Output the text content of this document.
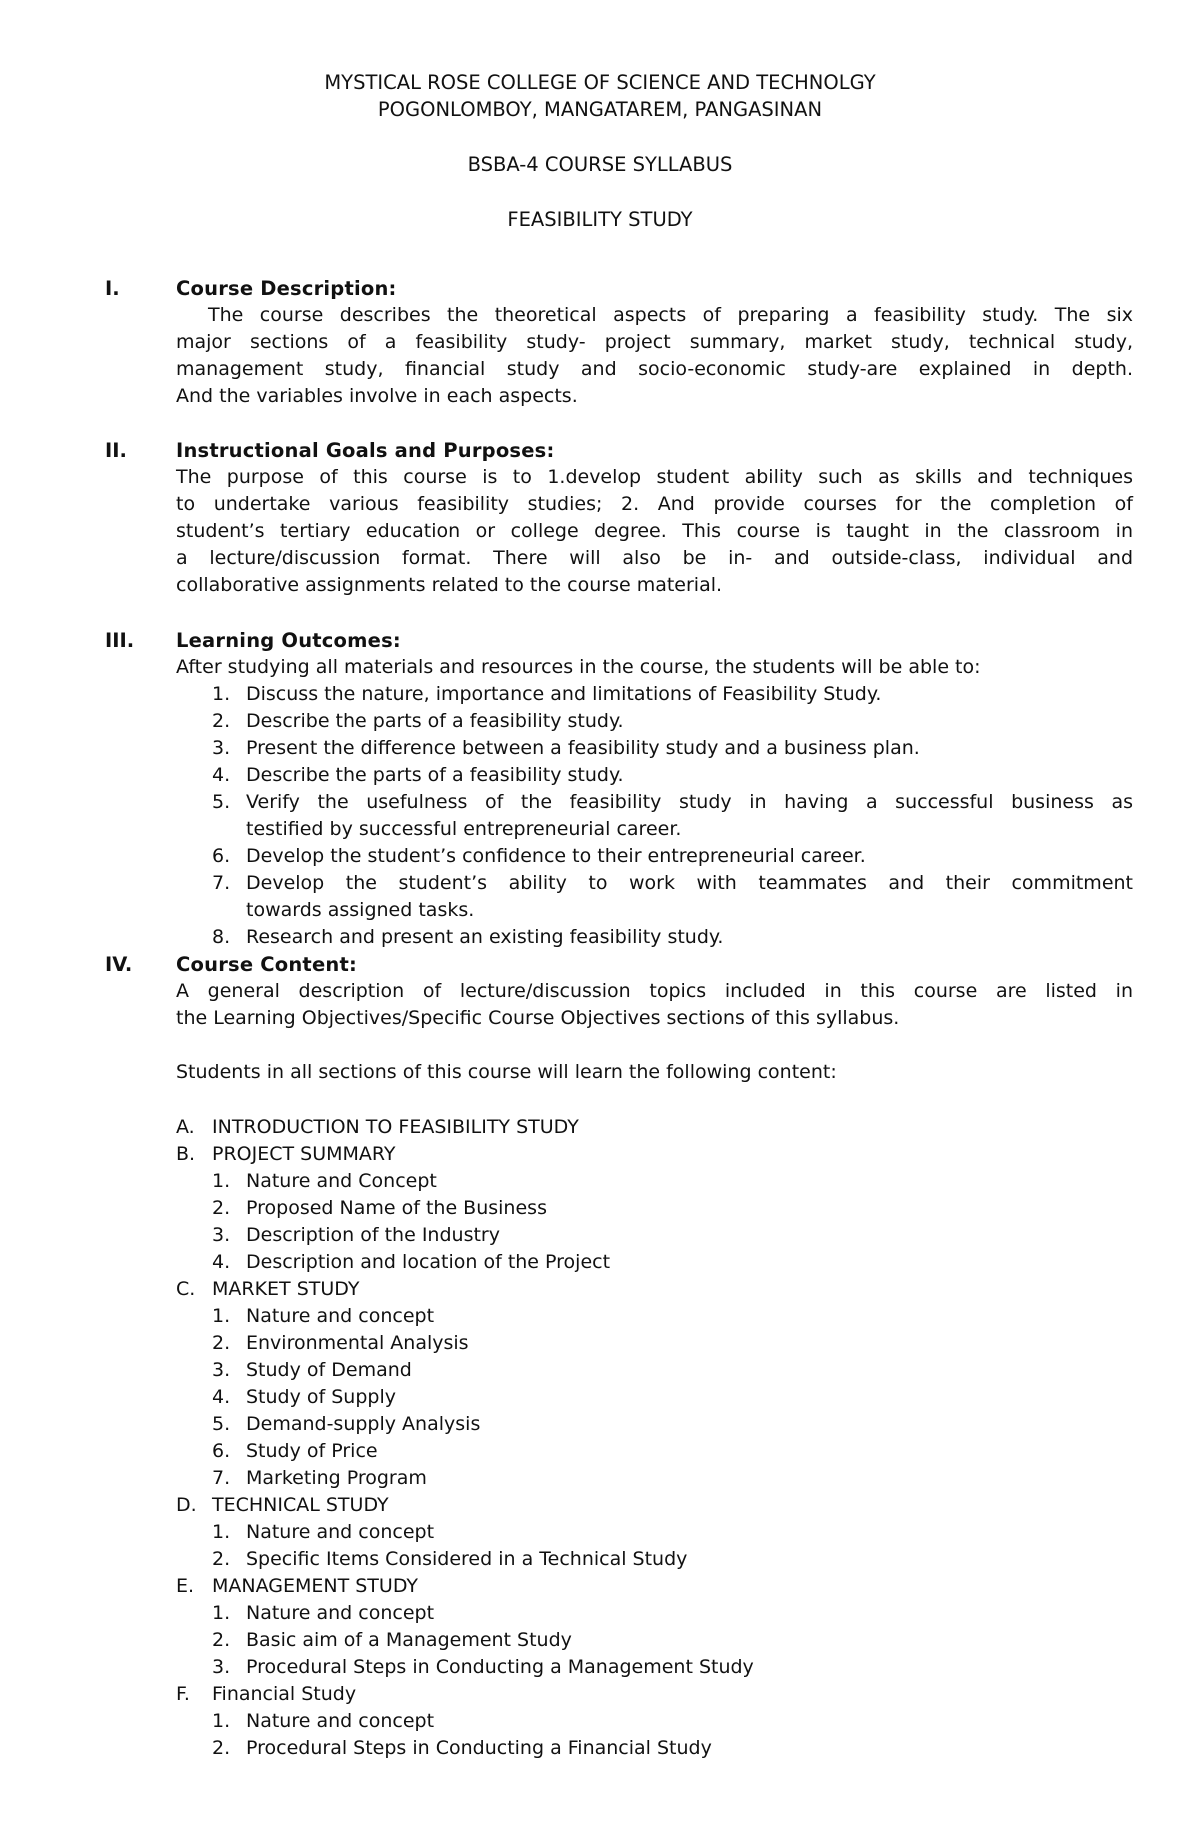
MYSTICAL ROSE COLLEGE OF SCIENCE AND TECHNOLGY
POGONLOMBOY, MANGATAREM, PANGASINAN
BSBA-4 COURSE SYLLABUS
FEASIBILITY STUDY
I.	Course Description:
The course describes the theoretical aspects of preparing a feasibility study. The six
major sections of a feasibility study- project summary, market study, technical study,
management study, financial study and socio-economic study-are explained in depth.
And the variables involve in each aspects.
II.	Instructional Goals and Purposes:
The purpose of this course is to 1.develop student ability such as skills and techniques
to undertake various feasibility studies; 2. And provide courses for the completion of
student’s tertiary education or college degree. This course is taught in the classroom in
a lecture/discussion format. There will also be in- and outside-class, individual and
collaborative assignments related to the course material.
III. Learning Outcomes:
After studying all materials and resources in the course, the students will be able to:
1. Discuss the nature, importance and limitations of Feasibility Study.
2. Describe the parts of a feasibility study.
3. Present the difference between a feasibility study and a business plan.
4. Describe the parts of a feasibility study.
5. Verify the usefulness of the feasibility study in having a successful business as
testified by successful entrepreneurial career.
6. Develop the student’s confidence to their entrepreneurial career.
7. Develop the student’s ability to work with teammates and their commitment
towards assigned tasks.
8. Research and present an existing feasibility study.
IV. Course Content:
A general description of lecture/discussion topics included in this course are listed in
the Learning Objectives/Specific Course Objectives sections of this syllabus.
Students in all sections of this course will learn the following content:
A. INTRODUCTION TO FEASIBILITY STUDY
B. PROJECT SUMMARY
1. Nature and Concept
2. Proposed Name of the Business
3. Description of the Industry
4. Description and location of the Project
C. MARKET STUDY
1. Nature and concept
2. Environmental Analysis
3. Study of Demand
4. Study of Supply
5. Demand-supply Analysis
6. Study of Price
7. Marketing Program
D. TECHNICAL STUDY
1. Nature and concept
2. Specific Items Considered in a Technical Study
E. MANAGEMENT STUDY
1. Nature and concept
2. Basic aim of a Management Study
3. Procedural Steps in Conducting a Management Study
F. Financial Study
1. Nature and concept
2. Procedural Steps in Conducting a Financial Study
